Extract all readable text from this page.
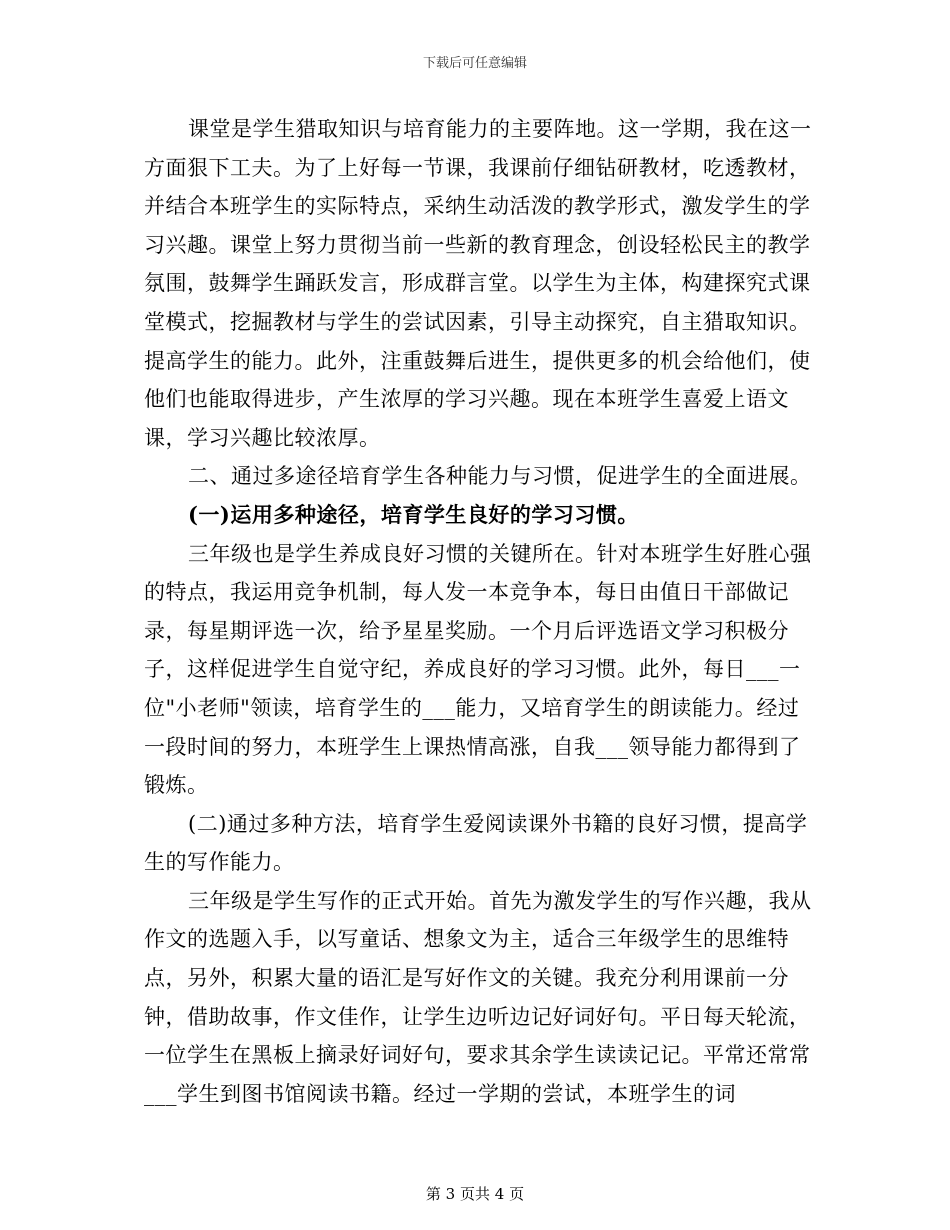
下载后可任意编辑

课堂是学生猎取知识与培育能力的主要阵地。这一学期，我在这一方面狠下工夫。为了上好每一节课，我课前仔细钻研教材，吃透教材，并结合本班学生的实际特点，采纳生动活泼的教学形式，激发学生的学习兴趣。课堂上努力贯彻当前一些新的教育理念，创设轻松民主的教学氛围，鼓舞学生踊跃发言，形成群言堂。以学生为主体，构建探究式课堂模式，挖掘教材与学生的尝试因素，引导主动探究，自主猎取知识。提高学生的能力。此外，注重鼓舞后进生，提供更多的机会给他们，使他们也能取得进步，产生浓厚的学习兴趣。现在本班学生喜爱上语文课，学习兴趣比较浓厚。

二、通过多途径培育学生各种能力与习惯，促进学生的全面进展。

(一)运用多种途径，培育学生良好的学习习惯。

三年级也是学生养成良好习惯的关键所在。针对本班学生好胜心强的特点，我运用竞争机制，每人发一本竞争本，每日由值日干部做记录，每星期评选一次，给予星星奖励。一个月后评选语文学习积极分子，这样促进学生自觉守纪，养成良好的学习习惯。此外，每日___一位"小老师"领读，培育学生的___能力，又培育学生的朗读能力。经过一段时间的努力，本班学生上课热情高涨，自我___领导能力都得到了锻炼。

(二)通过多种方法，培育学生爱阅读课外书籍的良好习惯，提高学生的写作能力。

三年级是学生写作的正式开始。首先为激发学生的写作兴趣，我从作文的选题入手，以写童话、想象文为主，适合三年级学生的思维特点，另外，积累大量的语汇是写好作文的关键。我充分利用课前一分钟，借助故事，作文佳作，让学生边听边记好词好句。平日每天轮流，一位学生在黑板上摘录好词好句，要求其余学生读读记记。平常还常常___学生到图书馆阅读书籍。经过一学期的尝试，本班学生的词

第 3 页共 4 页
